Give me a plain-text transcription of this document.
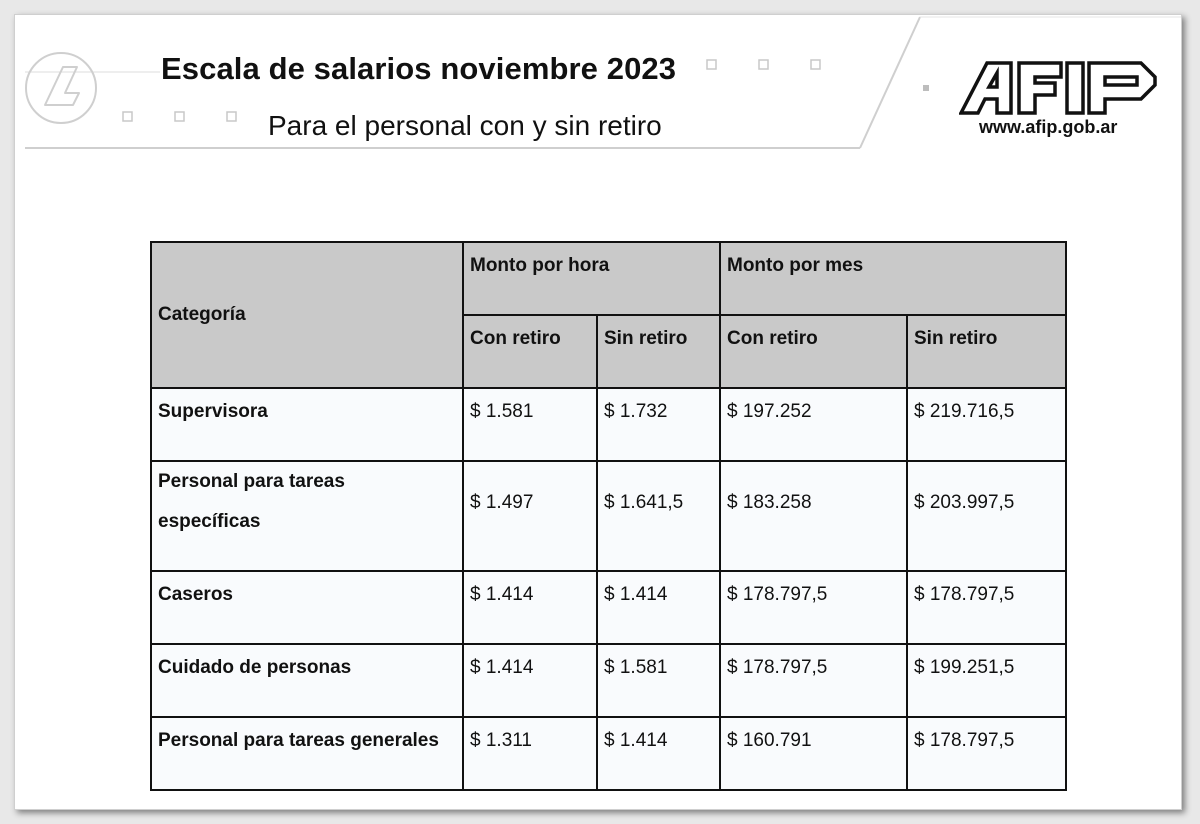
Escala de salarios noviembre 2023
Para el personal con y sin retiro	www.afip.gob.ar
Categoría	Monto por hora		Monto por mes	

	Con retiro	Sin retiro	Con retiro	Sin retiro

Supervisora	$ 1.581	$ 1.732	$ 197.252	$ 219.716,5

Personal para tareas
específicas	$ 1.497	$ 1.641,5	$ 183.258	$ 203.997,5

Caseros	$ 1.414	$ 1.414	$ 178.797,5	$ 178.797,5

Cuidado de personas	$ 1.414	$ 1.581	$ 178.797,5	$ 199.251,5

Personal para tareas generales	$ 1.311	$ 1.414	$ 160.791	$ 178.797,5
